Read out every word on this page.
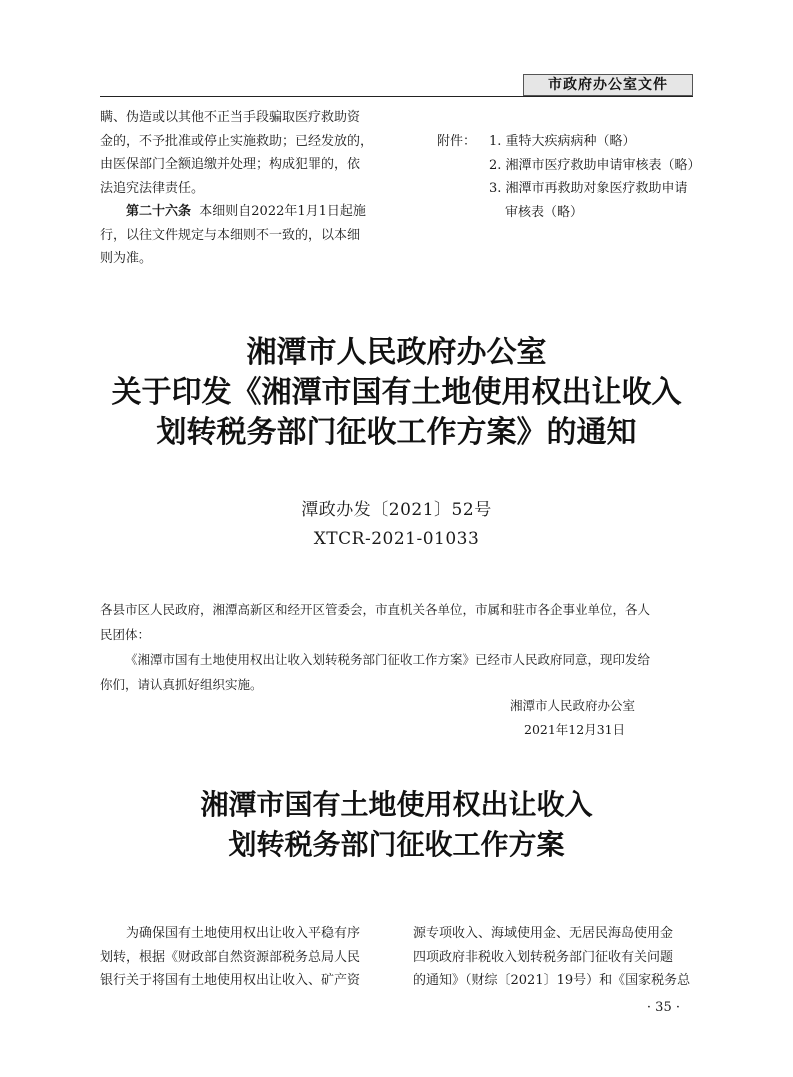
市政府办公室文件

瞒、伪造或以其他不正当手段骗取医疗救助资

金的，不予批准或停止实施救助；已经发放的，

由医保部门全额追缴并处理；构成犯罪的，依

法追究法律责任。

第二十六条 本细则自2022年1月1日起施

行，以往文件规定与本细则不一致的，以本细

则为准。

附件： 1. 重特大疾病病种（略）
2. 湘潭市医疗救助申请审核表（略）
3. 湘潭市再救助对象医疗救助申请
审核表（略）
湘潭市人民政府办公室
关于印发《湘潭市国有土地使用权出让收入
划转税务部门征收工作方案》的通知
潭政办发〔2021〕52号
XTCR-2021-01033
各县市区人民政府，湘潭高新区和经开区管委会，市直机关各单位，市属和驻市各企事业单位，各人
民团体：
《湘潭市国有土地使用权出让收入划转税务部门征收工作方案》已经市人民政府同意，现印发给
你们，请认真抓好组织实施。
湘潭市人民政府办公室
2021年12月31日
湘潭市国有土地使用权出让收入
划转税务部门征收工作方案

为确保国有土地使用权出让收入平稳有序

划转，根据《财政部自然资源部税务总局人民

银行关于将国有土地使用权出让收入、矿产资

源专项收入、海域使用金、无居民海岛使用金

四项政府非税收入划转税务部门征收有关问题

的通知》（财综〔2021〕19号）和《国家税务总

· 35 ·
